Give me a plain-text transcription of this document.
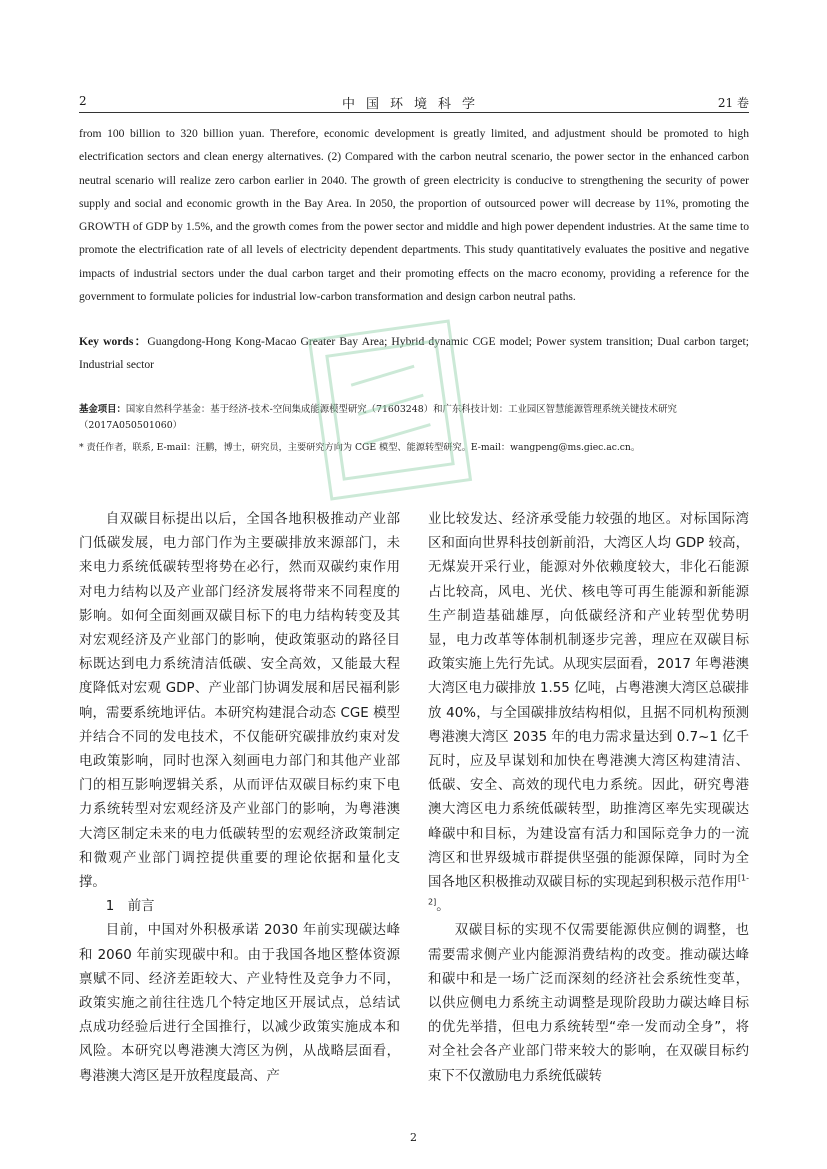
2	中国环境科学	21 卷
from 100 billion to 320 billion yuan. Therefore, economic development is greatly limited, and adjustment should be promoted to high electrification sectors and clean energy alternatives. (2) Compared with the carbon neutral scenario, the power sector in the enhanced carbon neutral scenario will realize zero carbon earlier in 2040. The growth of green electricity is conducive to strengthening the security of power supply and social and economic growth in the Bay Area. In 2050, the proportion of outsourced power will decrease by 11%, promoting the GROWTH of GDP by 1.5%, and the growth comes from the power sector and middle and high power dependent industries. At the same time to promote the electrification rate of all levels of electricity dependent departments. This study quantitatively evaluates the positive and negative impacts of industrial sectors under the dual carbon target and their promoting effects on the macro economy, providing a reference for the government to formulate policies for industrial low-carbon transformation and design carbon neutral paths.
Key words：Guangdong-Hong Kong-Macao Greater Bay Area; Hybrid dynamic CGE model; Power system transition; Dual carbon target; Industrial sector
基金项目：国家自然科学基金：基于经济-技术-空间集成能源模型研究（71603248）和广东科技计划：工业园区智慧能源管理系统关键技术研究（2017A050501060）
* 责任作者，联系, E-mail：汪鹏，博士，研究员，主要研究方向为 CGE 模型、能源转型研究。E-mail：wangpeng@ms.giec.ac.cn。

自双碳目标提出以后，全国各地积极推动产业部门低碳发展，电力部门作为主要碳排放来源部门，未来电力系统低碳转型将势在必行，然而双碳约束作用对电力结构以及产业部门经济发展将带来不同程度的影响。如何全面刻画双碳目标下的电力结构转变及其对宏观经济及产业部门的影响，使政策驱动的路径目标既达到电力系统清洁低碳、安全高效，又能最大程度降低对宏观 GDP、产业部门协调发展和居民福利影响，需要系统地评估。本研究构建混合动态 CGE 模型并结合不同的发电技术，不仅能研究碳排放约束对发电政策影响，同时也深入刻画电力部门和其他产业部门的相互影响逻辑关系，从而评估双碳目标约束下电力系统转型对宏观经济及产业部门的影响，为粤港澳大湾区制定未来的电力低碳转型的宏观经济政策制定和微观产业部门调控提供重要的理论依据和量化支撑。

1　前言

目前，中国对外积极承诺 2030 年前实现碳达峰和 2060 年前实现碳中和。由于我国各地区整体资源禀赋不同、经济差距较大、产业特性及竞争力不同，政策实施之前往往选几个特定地区开展试点，总结试点成功经验后进行全国推行，以减少政策实施成本和风险。本研究以粤港澳大湾区为例，从战略层面看，粤港澳大湾区是开放程度最高、产

业比较发达、经济承受能力较强的地区。对标国际湾区和面向世界科技创新前沿，大湾区人均 GDP 较高，无煤炭开采行业，能源对外依赖度较大，非化石能源占比较高，风电、光伏、核电等可再生能源和新能源生产制造基础雄厚，向低碳经济和产业转型优势明显，电力改革等体制机制逐步完善，理应在双碳目标政策实施上先行先试。从现实层面看，2017 年粤港澳大湾区电力碳排放 1.55 亿吨，占粤港澳大湾区总碳排放 40%，与全国碳排放结构相似，且据不同机构预测粤港澳大湾区 2035 年的电力需求量达到 0.7~1 亿千瓦时，应及早谋划和加快在粤港澳大湾区构建清洁、低碳、安全、高效的现代电力系统。因此，研究粤港澳大湾区电力系统低碳转型，助推湾区率先实现碳达峰碳中和目标，为建设富有活力和国际竞争力的一流湾区和世界级城市群提供坚强的能源保障，同时为全国各地区积极推动双碳目标的实现起到积极示范作用[1-2]。

双碳目标的实现不仅需要能源供应侧的调整，也需要需求侧产业内能源消费结构的改变。推动碳达峰和碳中和是一场广泛而深刻的经济社会系统性变革，以供应侧电力系统主动调整是现阶段助力碳达峰目标的优先举措，但电力系统转型“牵一发而动全身”，将对全社会各产业部门带来较大的影响，在双碳目标约束下不仅激励电力系统低碳转

2
